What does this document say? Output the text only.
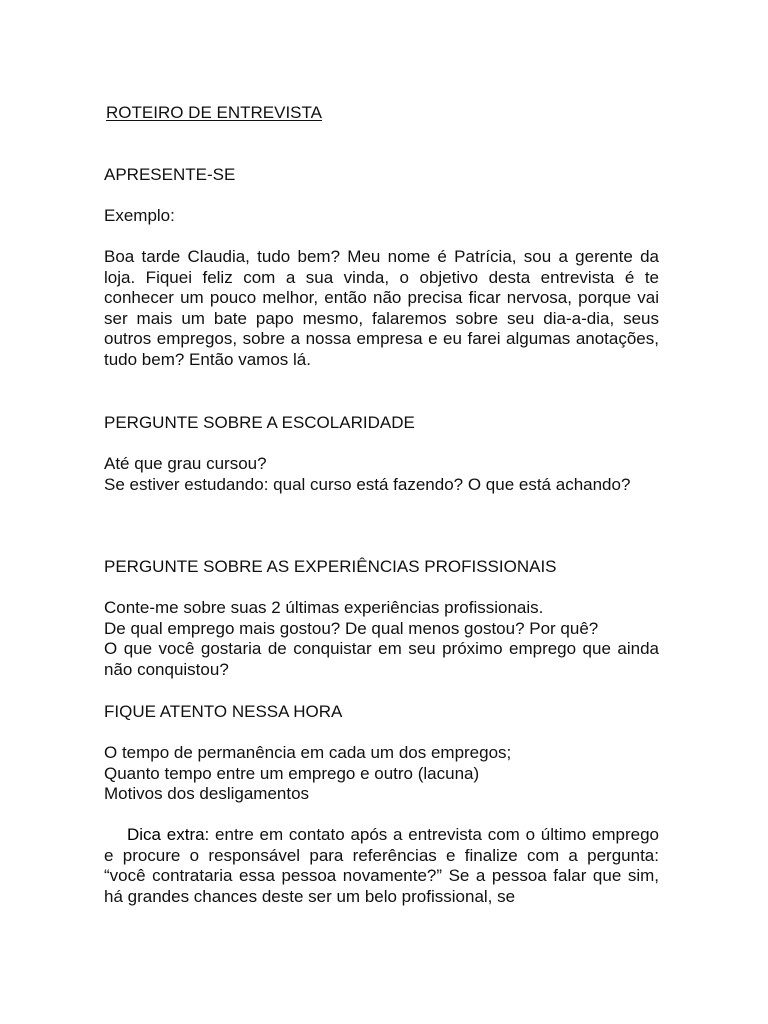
ROTEIRO DE ENTREVISTA
APRESENTE-SE
Exemplo:

Boa tarde Claudia, tudo bem? Meu nome é Patrícia, sou a gerente da loja. Fiquei feliz com a sua vinda, o objetivo desta entrevista é te conhecer um pouco melhor, então não precisa ficar nervosa, porque vai ser mais um bate papo mesmo, falaremos sobre seu dia-a-dia, seus outros empregos, sobre a nossa empresa e eu farei algumas anotações, tudo bem? Então vamos lá.

PERGUNTE SOBRE A ESCOLARIDADE
Até que grau cursou?

Se estiver estudando: qual curso está fazendo? O que está achando?

PERGUNTE SOBRE AS EXPERIÊNCIAS PROFISSIONAIS
Conte-me sobre suas 2 últimas experiências profissionais.
De qual emprego mais gostou? De qual menos gostou? Por quê?

O que você gostaria de conquistar em seu próximo emprego que ainda não conquistou?

FIQUE ATENTO NESSA HORA
O tempo de permanência em cada um dos empregos;
Quanto tempo entre um emprego e outro (lacuna)
Motivos dos desligamentos

Dica extra: entre em contato após a entrevista com o último emprego e procure o responsável para referências e finalize com a pergunta: “você contrataria essa pessoa novamente?” Se a pessoa falar que sim, há grandes chances deste ser um belo profissional, se
